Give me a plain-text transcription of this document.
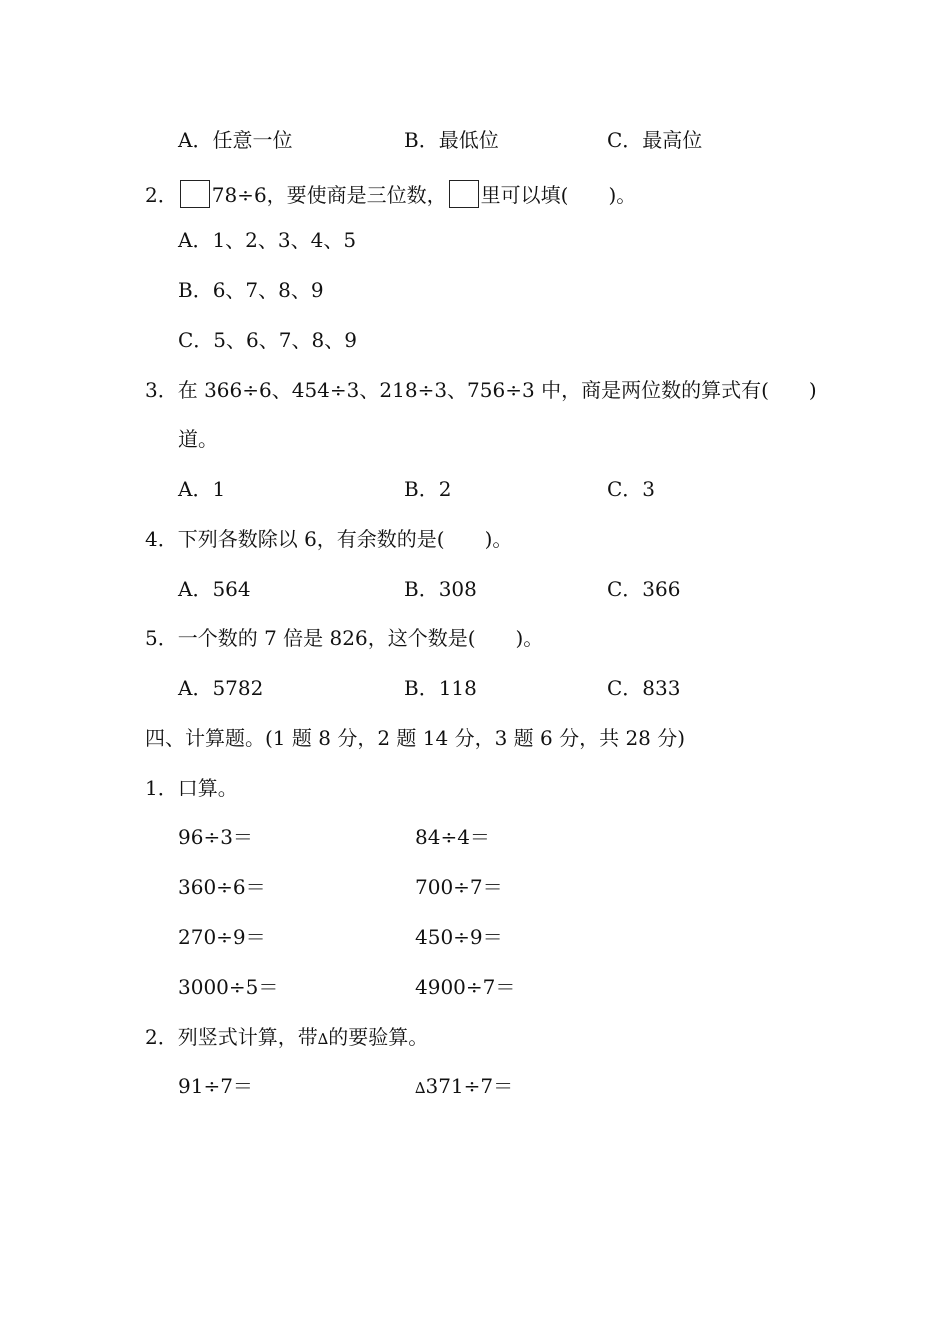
A．任意一位	B．最低位	C．最高位
2． 78÷6，要使商是三位数， 里可以填(　　)。
A．1、2、3、4、5
B．6、7、8、9
C．5、6、7、8、9
3．在 366÷6、454÷3、218÷3、756÷3 中，商是两位数的算式有(　　)
道。
A．1	B．2	C．3
4．下列各数除以 6，有余数的是(　　)。
A．564	B．308	C．366
5．一个数的 7 倍是 826，这个数是(　　)。
A．5782	B．118	C．833
四、计算题。(1 题 8 分，2 题 14 分，3 题 6 分，共 28 分)
1．口算。
96÷3＝	84÷4＝
360÷6＝	700÷7＝
270÷9＝	450÷9＝
3000÷5＝	4900÷7＝
2．列竖式计算，带∆的要验算。
91÷7＝	∆371÷7＝
